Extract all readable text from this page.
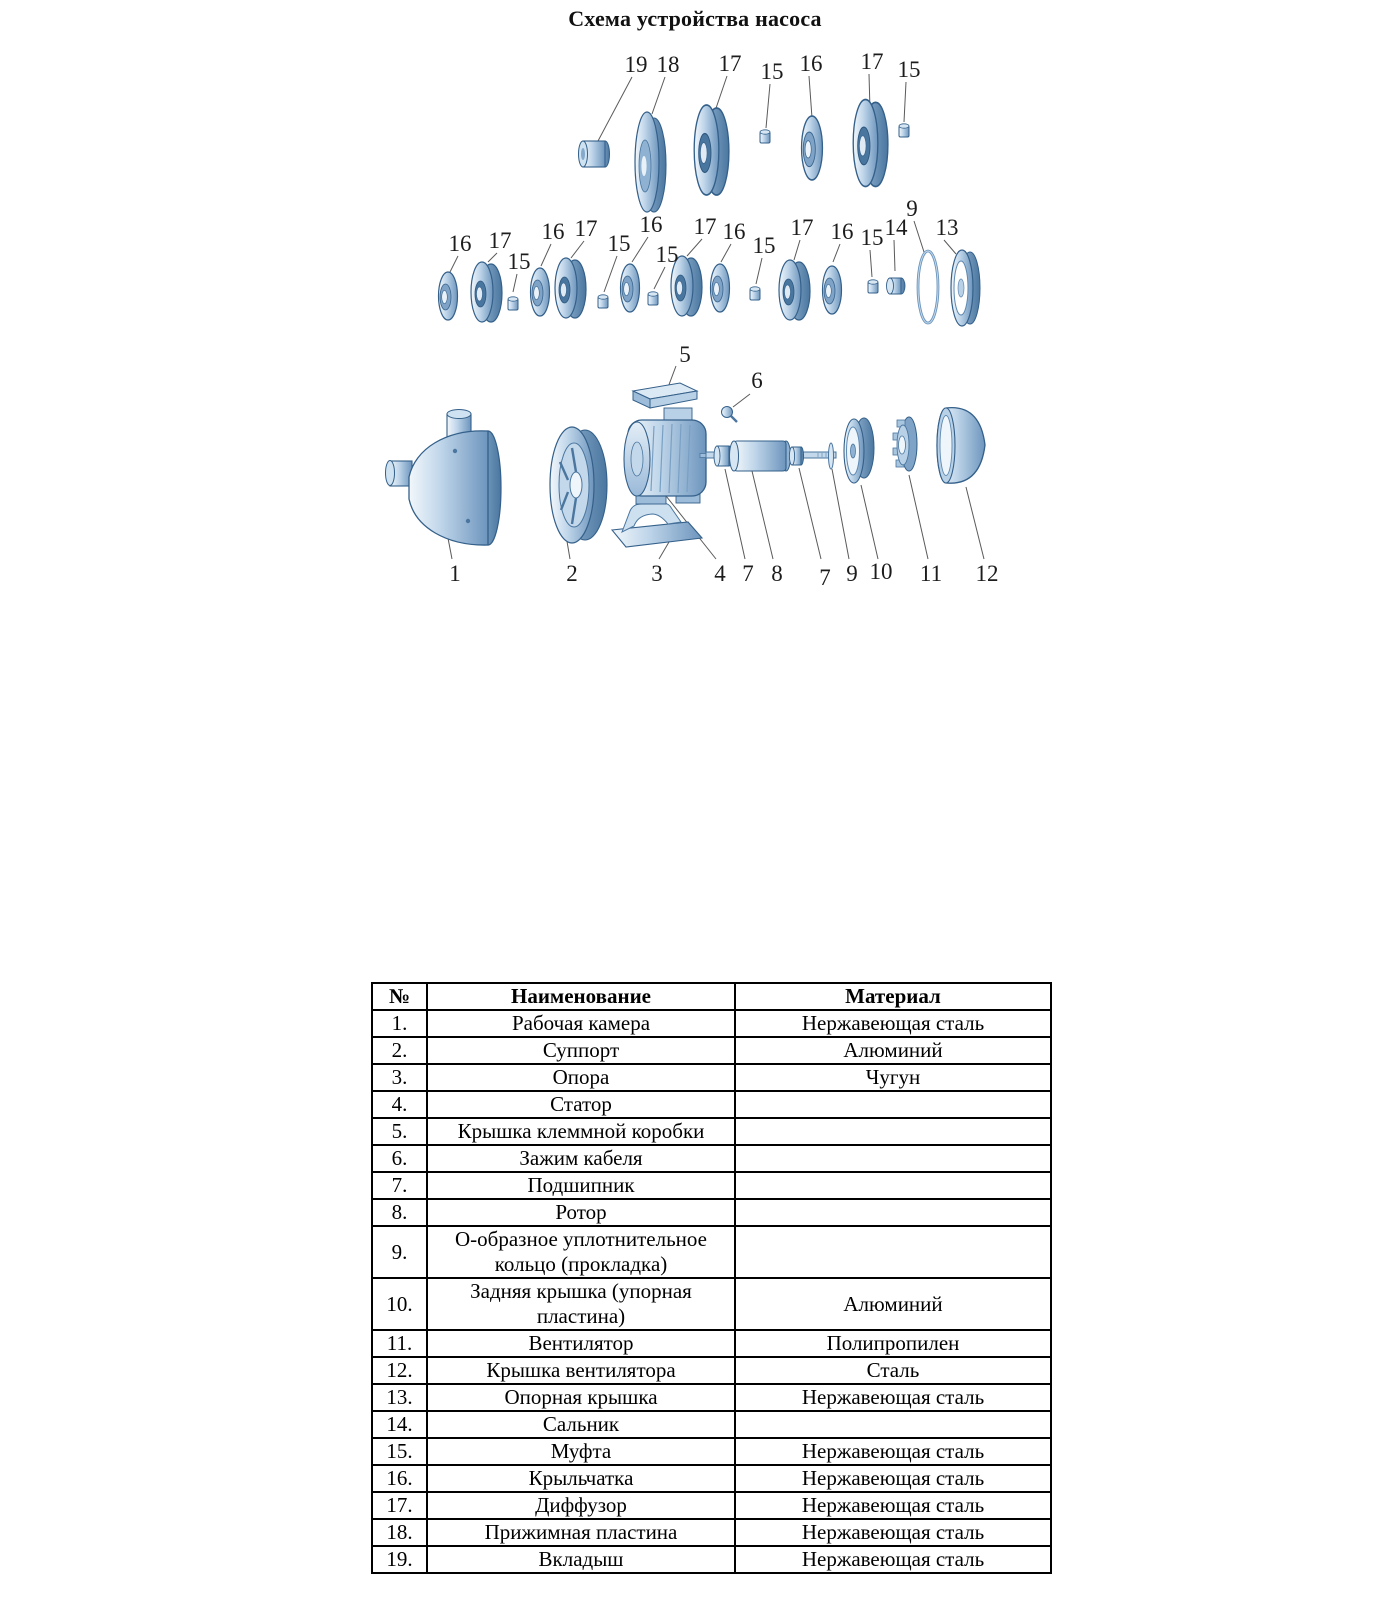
Схема устройства насоса
19 18 17 15 16 17 15
16 17
15
16 17
15
16
15
17 16
15
17 16 15 14
9
13
5
6
1	2	3 4 7 8 7 9 10 11 12
№	Наименование	Материал
1.	Рабочая камера	Нержавеющая сталь
2.	Суппорт	Алюминий
3.	Опора	Чугун
4.	Статор	
5.	Крышка клеммной коробки	
6.	Зажим кабеля	
7.	Подшипник	
8.	Ротор	
9.	О-образное уплотнительное кольцо (прокладка)	
10.	Задняя крышка (упорная пластина)	Алюминий
11.	Вентилятор	Полипропилен
12.	Крышка вентилятора	Сталь
13.	Опорная крышка	Нержавеющая сталь
14.	Сальник	
15.	Муфта	Нержавеющая сталь
16.	Крыльчатка	Нержавеющая сталь
17.	Диффузор	Нержавеющая сталь
18.	Прижимная пластина	Нержавеющая сталь
19.	Вкладыш	Нержавеющая сталь
